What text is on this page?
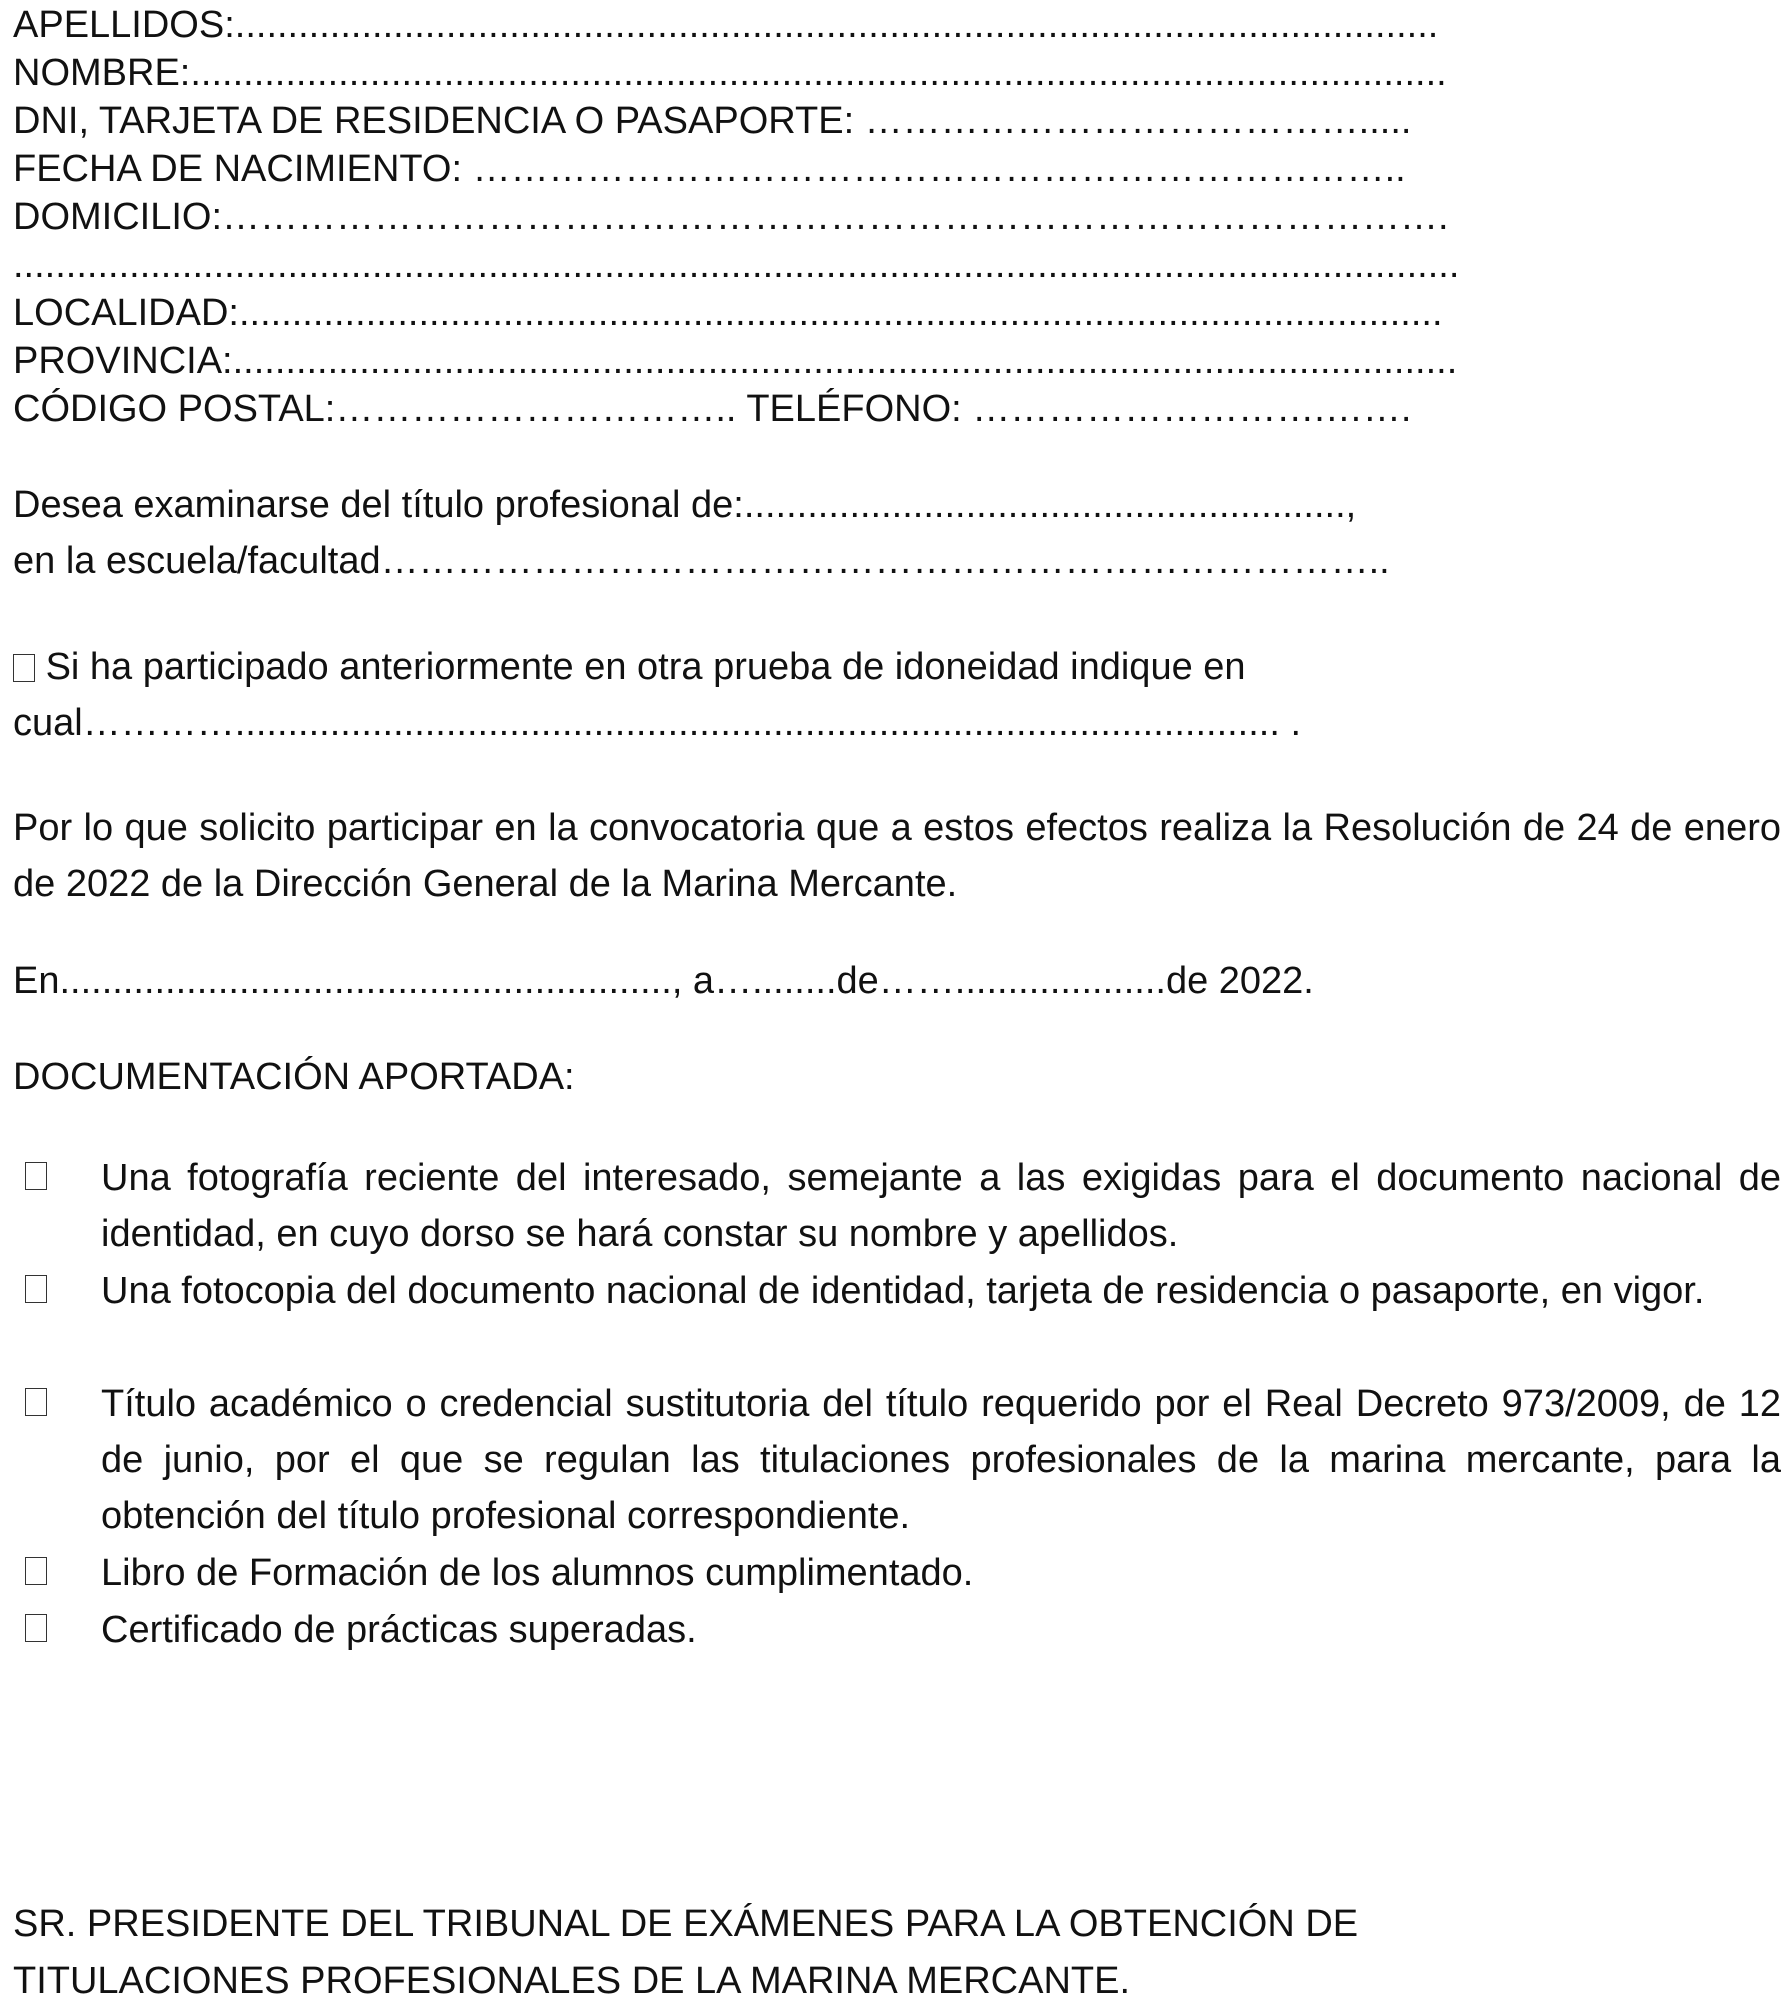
APELLIDOS:..................................................................................................................
NOMBRE:.......................................................................................................................
DNI, TARJETA DE RESIDENCIA O PASAPORTE: ………………………………….....
FECHA DE NACIMIENTO: ………………………………………………………………..
DOMICILIO:…………………………………………………………………………………….
.........................................................................................................................................
LOCALIDAD:..................................................................................................................
PROVINCIA:....................................................................................................................
CÓDIGO POSTAL:………………………….. TELÉFONO: ……………………….…….
Desea examinarse del título profesional de:.........................................................,
en la escuela/facultad……………………………………………………………………..
Si ha participado anteriormente en otra prueba de idoneidad indique en
cual…………................................................................................................... .
Por lo que solicito participar en la convocatoria que a estos efectos realiza la Resolución de 24 de enero de 2022 de la Dirección General de la Marina Mercante.
En.........................................................., a…........de……....................de 2022.
DOCUMENTACIÓN APORTADA:
Una fotografía reciente del interesado, semejante a las exigidas para el documento nacional de identidad, en cuyo dorso se hará constar su nombre y apellidos.
Una fotocopia del documento nacional de identidad, tarjeta de residencia o pasaporte, en vigor.
Título académico o credencial sustitutoria del título requerido por el Real Decreto 973/2009, de 12 de junio, por el que se regulan las titulaciones profesionales de la marina mercante, para la obtención del título profesional correspondiente.
Libro de Formación de los alumnos cumplimentado.
Certificado de prácticas superadas.
SR. PRESIDENTE DEL TRIBUNAL DE EXÁMENES PARA LA OBTENCIÓN DE
TITULACIONES PROFESIONALES DE LA MARINA MERCANTE.
